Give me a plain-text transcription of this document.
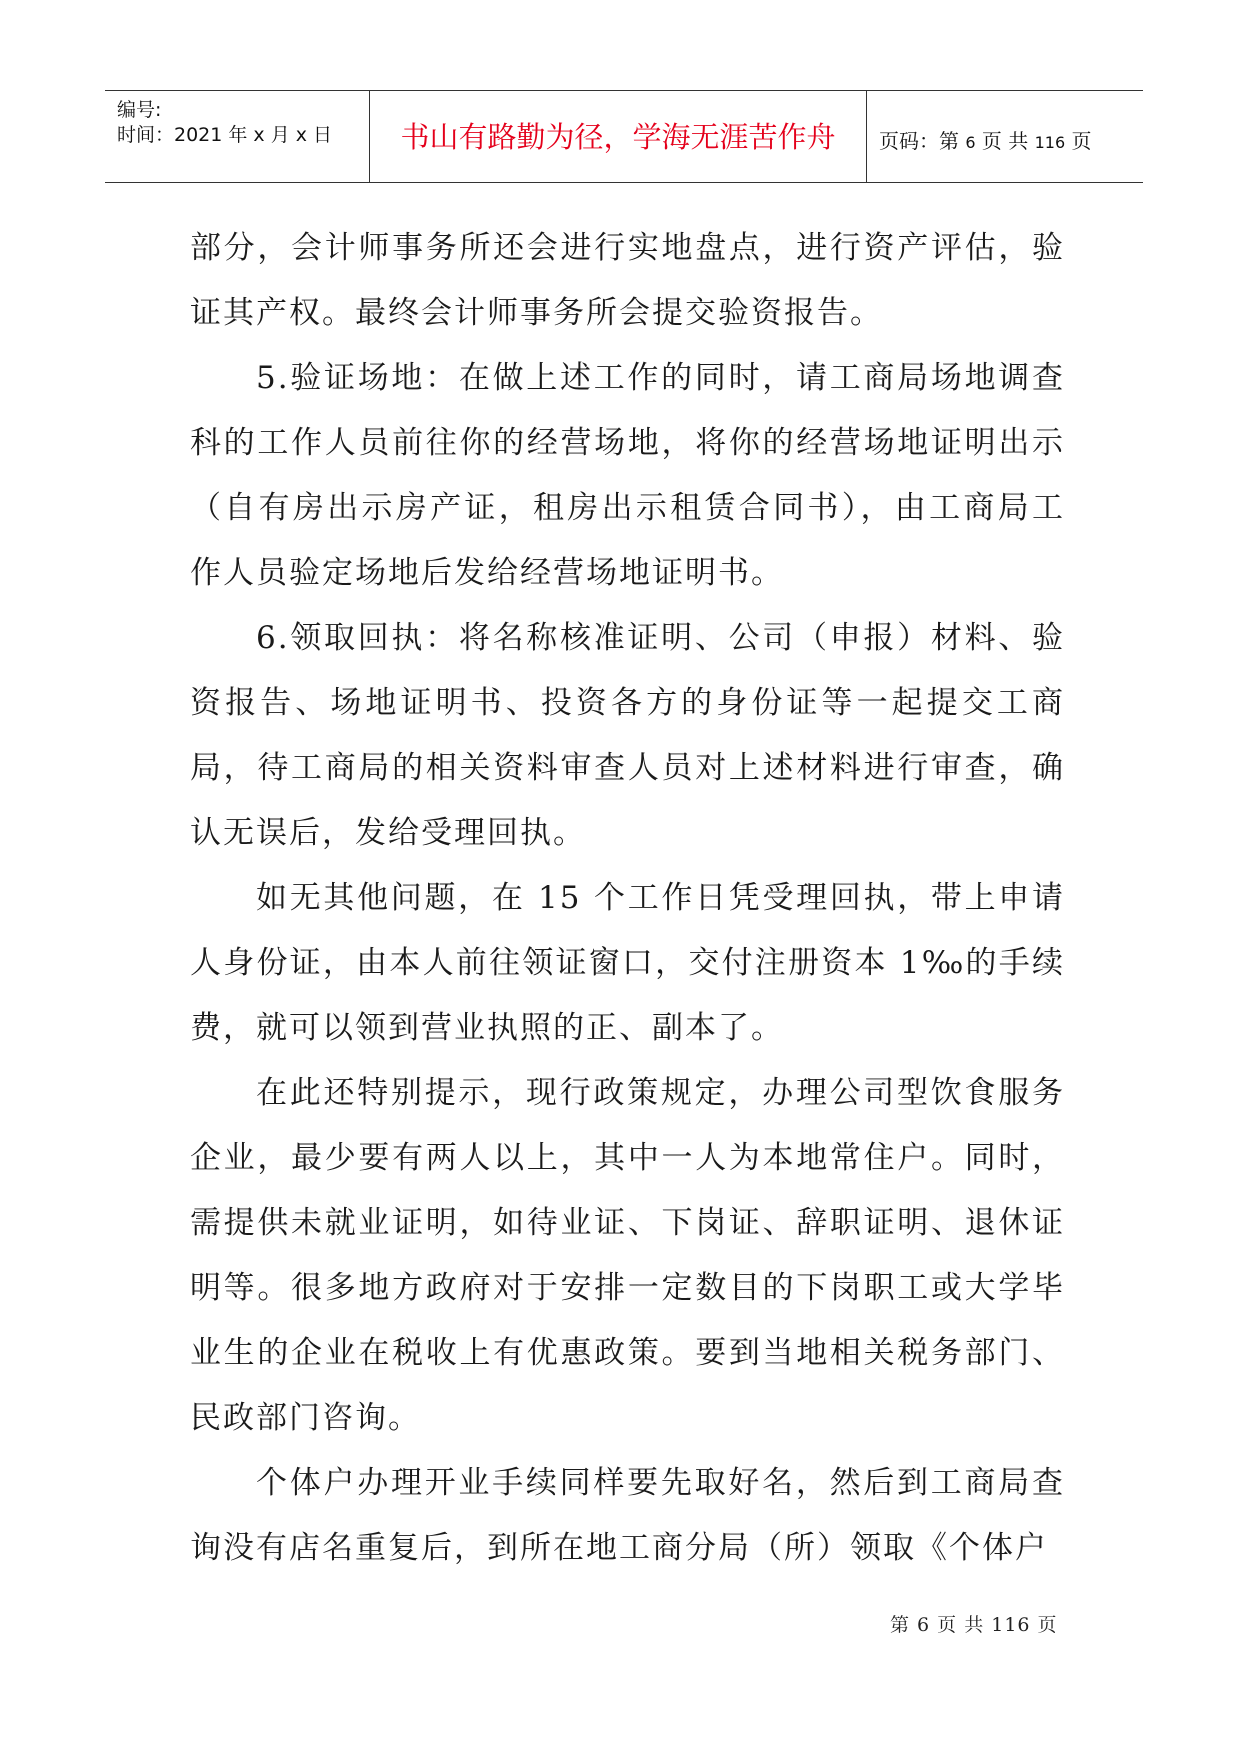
编号:
时间：2021 年 x 月 x 日	书山有路勤为径，学海无涯苦作舟	页码：第 6 页 共 116 页

部分，会计师事务所还会进行实地盘点，进行资产评估，验证其产权。最终会计师事务所会提交验资报告。

5.验证场地：在做上述工作的同时，请工商局场地调查科的工作人员前往你的经营场地，将你的经营场地证明出示（自有房出示房产证，租房出示租赁合同书），由工商局工作人员验定场地后发给经营场地证明书。

6.领取回执：将名称核准证明、公司（申报）材料、验资报告、场地证明书、投资各方的身份证等一起提交工商局，待工商局的相关资料审查人员对上述材料进行审查，确认无误后，发给受理回执。

如无其他问题，在 15 个工作日凭受理回执，带上申请人身份证，由本人前往领证窗口，交付注册资本 1‰的手续费，就可以领到营业执照的正、副本了。

在此还特别提示，现行政策规定，办理公司型饮食服务企业，最少要有两人以上，其中一人为本地常住户。同时，需提供未就业证明，如待业证、下岗证、辞职证明、退休证明等。很多地方政府对于安排一定数目的下岗职工或大学毕业生的企业在税收上有优惠政策。要到当地相关税务部门、民政部门咨询。

个体户办理开业手续同样要先取好名，然后到工商局查询没有店名重复后，到所在地工商分局（所）领取《个体户

第 6 页 共 116 页
